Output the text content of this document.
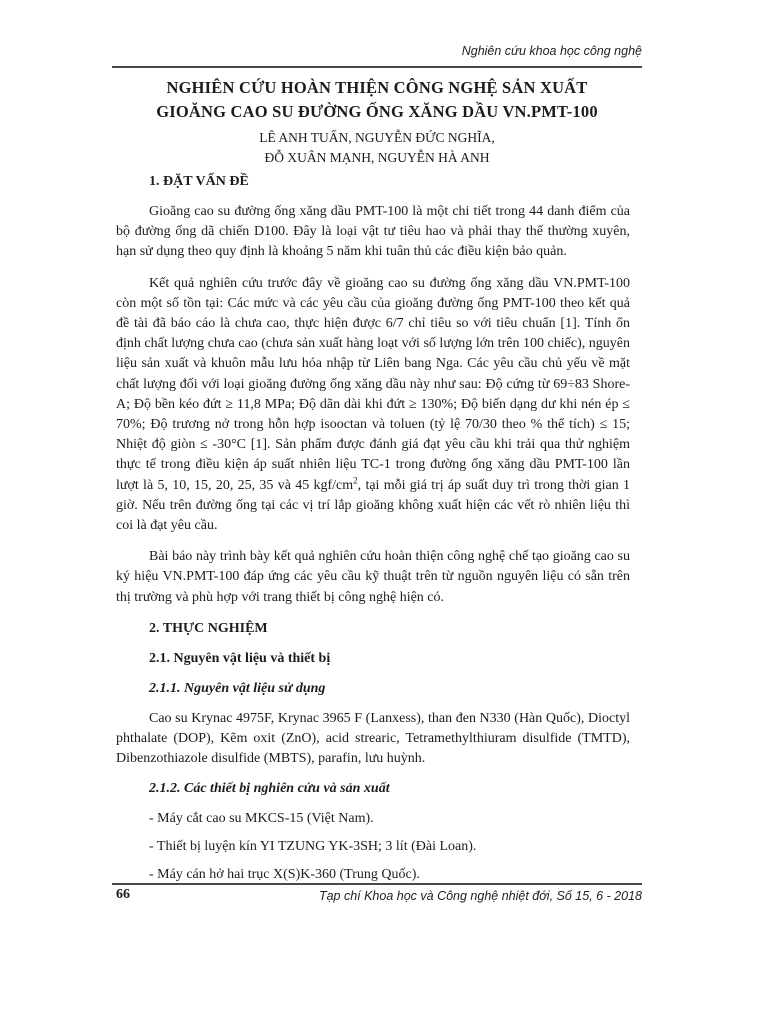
Nghiên cứu khoa học công nghệ
NGHIÊN CỨU HOÀN THIỆN CÔNG NGHỆ SẢN XUẤT
GIOĂNG CAO SU ĐƯỜNG ỐNG XĂNG DẦU VN.PMT-100
LÊ ANH TUẤN, NGUYỄN ĐỨC NGHĨA,
ĐỖ XUÂN MẠNH, NGUYỄN HÀ ANH
1. ĐẶT VẤN ĐỀ

Gioăng cao su đường ống xăng dầu PMT-100 là một chi tiết trong 44 danh điểm của bộ đường ống dã chiến D100. Đây là loại vật tư tiêu hao và phải thay thế thường xuyên, hạn sử dụng theo quy định là khoảng 5 năm khi tuân thủ các điều kiện bảo quản.

Kết quả nghiên cứu trước đây về gioăng cao su đường ống xăng dầu VN.PMT-100 còn một số tồn tại: Các mức và các yêu cầu của gioăng đường ống PMT-100 theo kết quả đề tài đã báo cáo là chưa cao, thực hiện được 6/7 chỉ tiêu so với tiêu chuẩn [1]. Tính ổn định chất lượng chưa cao (chưa sản xuất hàng loạt với số lượng lớn trên 100 chiếc), nguyên liệu sản xuất và khuôn mẫu lưu hóa nhập từ Liên bang Nga. Các yêu cầu chủ yếu về mặt chất lượng đối với loại gioăng đường ống xăng dầu này như sau: Độ cứng từ 69÷83 Shore-A; Độ bền kéo đứt ≥ 11,8 MPa; Độ dãn dài khi đứt ≥ 130%; Độ biến dạng dư khi nén ép ≤ 70%; Độ trương nở trong hỗn hợp isooctan và toluen (tỷ lệ 70/30 theo % thể tích) ≤ 15; Nhiệt độ giòn ≤ -30°C [1]. Sản phẩm được đánh giá đạt yêu cầu khi trải qua thử nghiệm thực tế trong điều kiện áp suất nhiên liệu TC-1 trong đường ống xăng dầu PMT-100 lần lượt là 5, 10, 15, 20, 25, 35 và 45 kgf/$cm^2$, tại mỗi giá trị áp suất duy trì trong thời gian 1 giờ. Nếu trên đường ống tại các vị trí lắp gioăng không xuất hiện các vết rò nhiên liệu thì coi là đạt yêu cầu.

Bài báo này trình bày kết quả nghiên cứu hoàn thiện công nghệ chế tạo gioăng cao su ký hiệu VN.PMT-100 đáp ứng các yêu cầu kỹ thuật trên từ nguồn nguyên liệu có sẵn trên thị trường và phù hợp với trang thiết bị công nghệ hiện có.

2. THỰC NGHIỆM
2.1. Nguyên vật liệu và thiết bị
2.1.1. Nguyên vật liệu sử dụng

Cao su Krynac 4975F, Krynac 3965 F (Lanxess), than đen N330 (Hàn Quốc), Dioctyl phthalate (DOP), Kẽm oxit (ZnO), acid strearic, Tetramethylthiuram disulfide (TMTD), Dibenzothiazole disulfide (MBTS), parafin, lưu huỳnh.

2.1.2. Các thiết bị nghiên cứu và sản xuất

- Máy cắt cao su MKCS-15 (Việt Nam).

- Thiết bị luyện kín YI TZUNG YK-3SH; 3 lít (Đài Loan).

- Máy cán hở hai trục X(S)K-360 (Trung Quốc).

66	Tạp chí Khoa học và Công nghệ nhiệt đới, Số 15, 6 - 2018
